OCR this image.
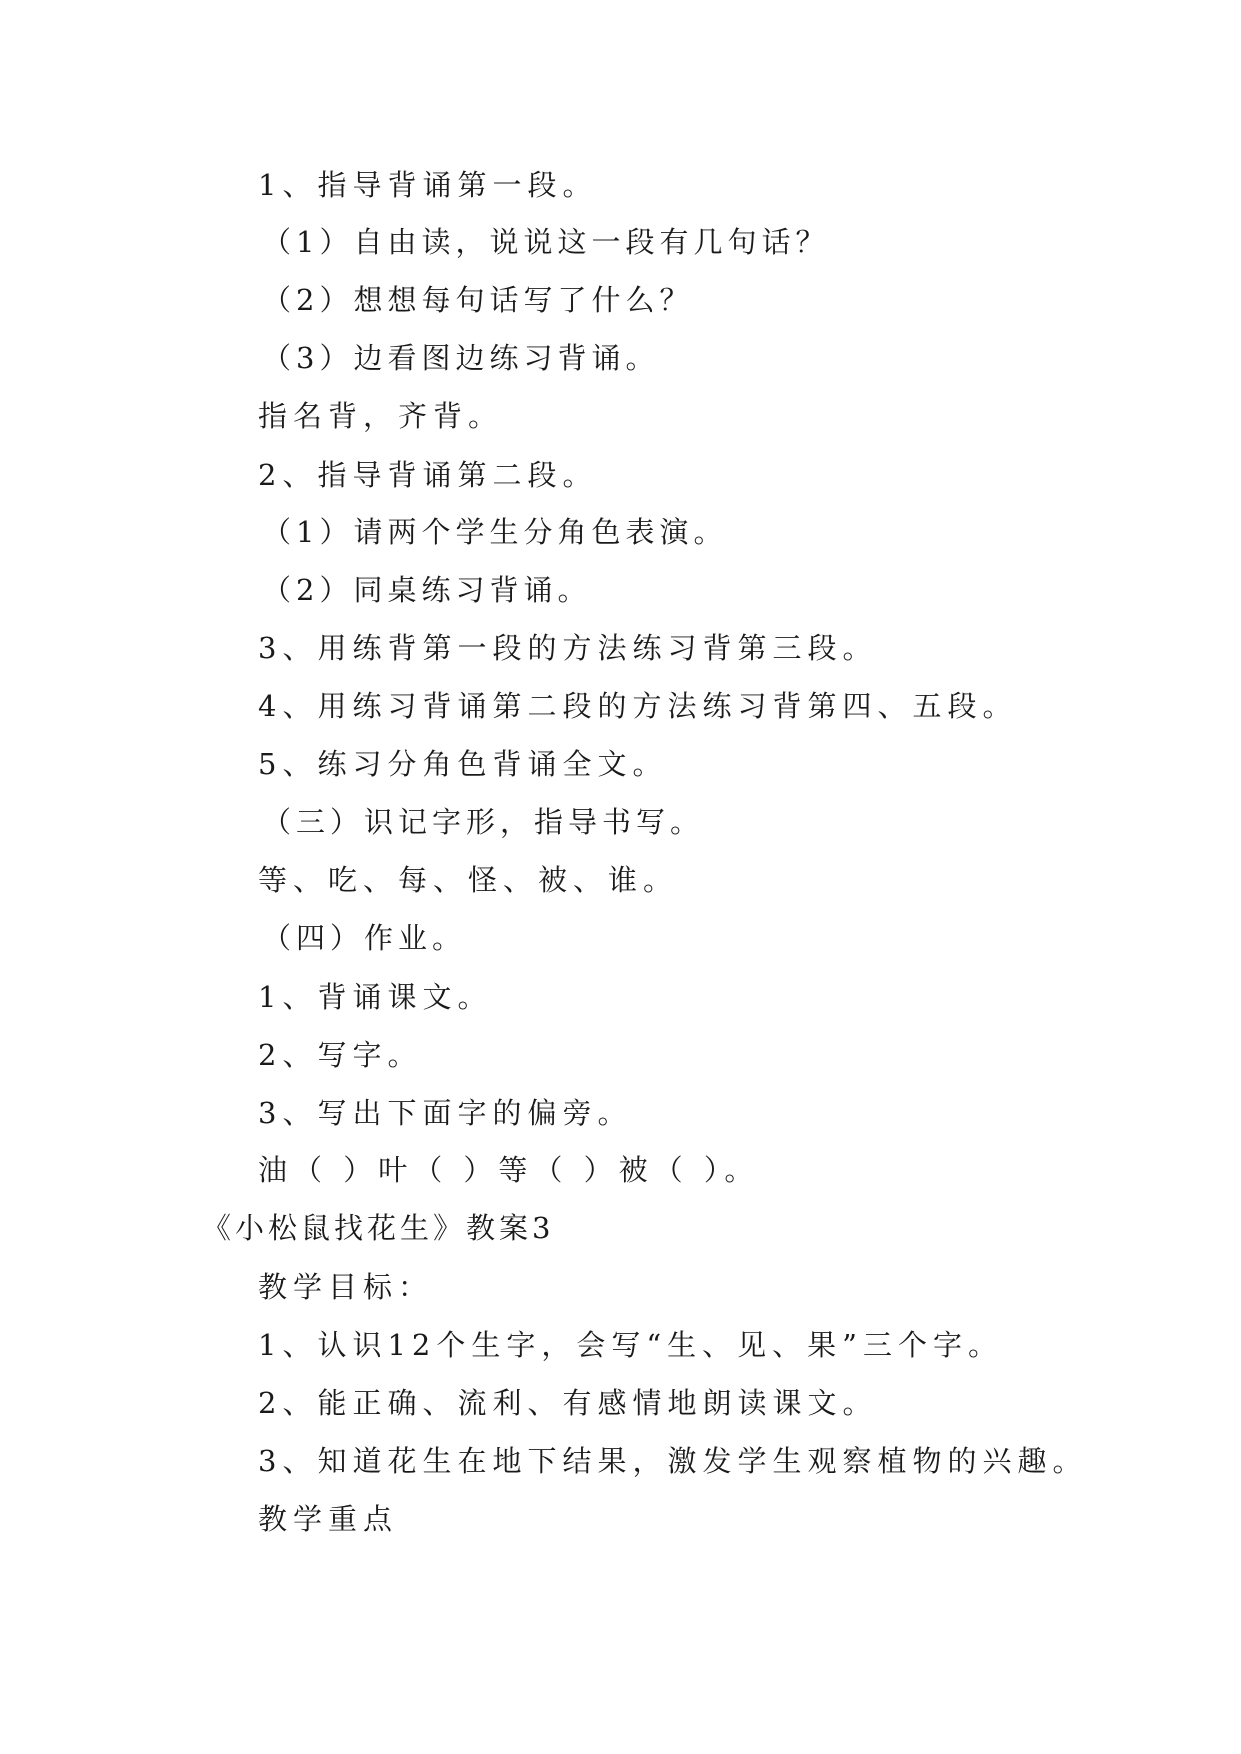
1、指导背诵第一段。
（1）自由读，说说这一段有几句话？
（2）想想每句话写了什么？
（3）边看图边练习背诵。
指名背，齐背。
2、指导背诵第二段。
（1）请两个学生分角色表演。
（2）同桌练习背诵。
3、用练背第一段的方法练习背第三段。
4、用练习背诵第二段的方法练习背第四、五段。
5、练习分角色背诵全文。
（三）识记字形，指导书写。
等、吃、每、怪、被、谁。
（四）作业。
1、背诵课文。
2、写字。
3、写出下面字的偏旁。
油（ ）叶（ ）等（ ）被（ ）。
《小松鼠找花生》教案3
教学目标：
1、认识12个生字，会写“生、见、果”三个字。
2、能正确、流利、有感情地朗读课文。
3、知道花生在地下结果，激发学生观察植物的兴趣。
教学重点
